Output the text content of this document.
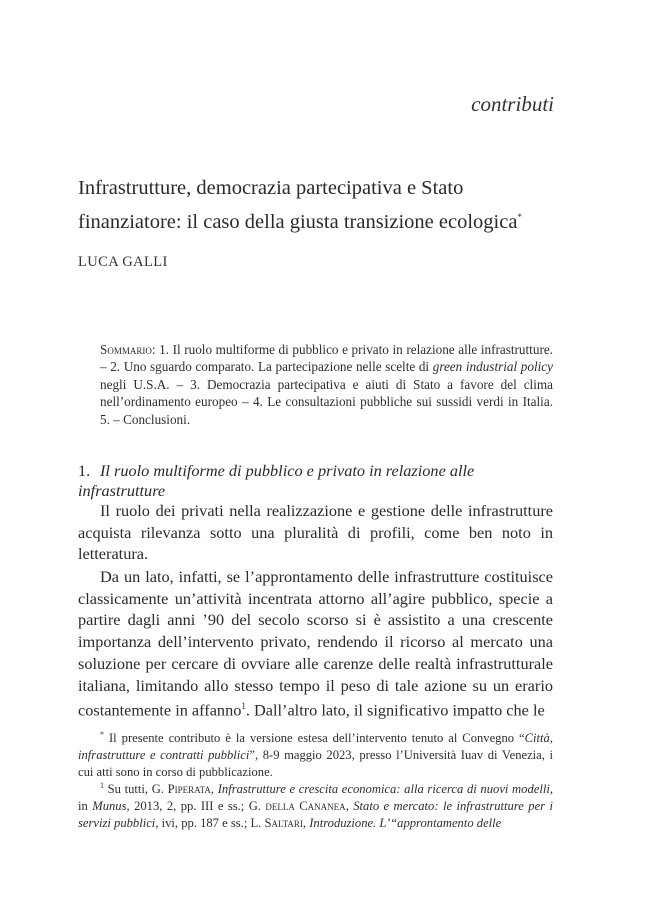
contributi
Infrastrutture, democrazia partecipativa e Stato
finanziatore: il caso della giusta transizione ecologica*
LUCA GALLI
Sommario: 1. Il ruolo multiforme di pubblico e privato in relazione alle infrastrutture. – 2. Uno sguardo comparato. La partecipazione nelle scelte di green industrial policy negli U.S.A. – 3. Democrazia partecipativa e aiuti di Stato a favore del clima nell’ordinamento europeo – 4. Le consultazioni pubbliche sui sussidi verdi in Italia. 5. – Conclusioni.
1. Il ruolo multiforme di pubblico e privato in relazione alle infrastrutture
Il ruolo dei privati nella realizzazione e gestione delle infrastrutture acquista rilevanza sotto una pluralità di profili, come ben noto in letteratura.
Da un lato, infatti, se l’approntamento delle infrastrutture costituisce classicamente un’attività incentrata attorno all’agire pubblico, specie a partire dagli anni ’90 del secolo scorso si è assistito a una crescente importanza dell’intervento privato, rendendo il ricorso al mercato una soluzione per cercare di ovviare alle carenze delle realtà infrastrutturale italiana, limitando allo stesso tempo il peso di tale azione su un erario costantemente in affanno$^1$. Dall’altro lato, il significativo impatto che le
* Il presente contributo è la versione estesa dell’intervento tenuto al Convegno “Città, infrastrutture e contratti pubblici”, 8-9 maggio 2023, presso l’Università Iuav di Venezia, i cui atti sono in corso di pubblicazione.
$^1$ Su tutti, G. Piperata, Infrastrutture e crescita economica: alla ricerca di nuovi modelli, in Munus, 2013, 2, pp. III e ss.; G. della Cananea, Stato e mercato: le infrastrutture per i servizi pubblici, ivi, pp. 187 e ss.; L. Saltari, Introduzione. L’“approntamento delle
